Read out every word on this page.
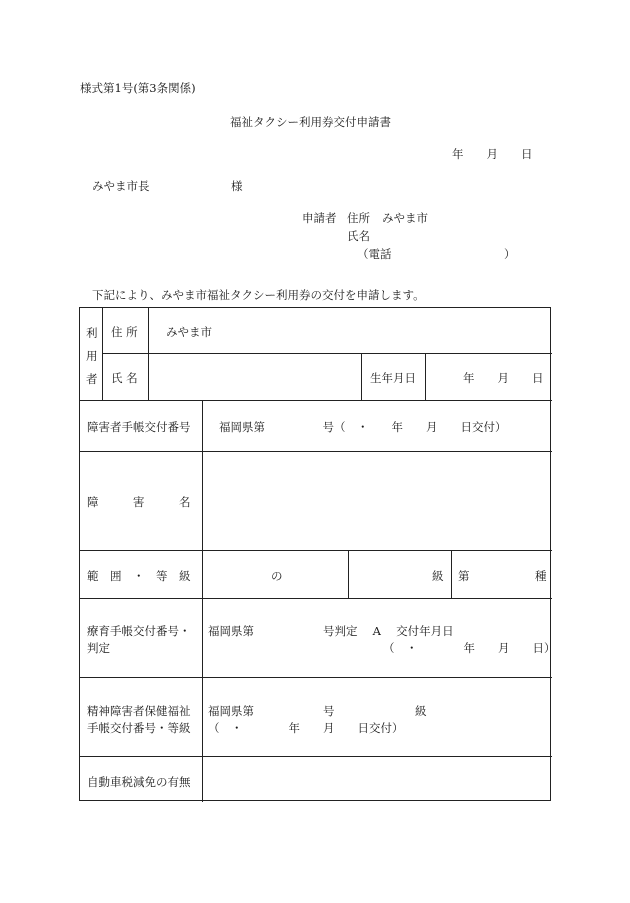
様式第1号(第3条関係)
福祉タクシー利用券交付申請書
年　　月　　日
みやま市長	様
申請者 住所 みやま市
氏名
（電話	）
下記により、みやま市福祉タクシー利用券の交付を申請します。
利
用
者
住 所 みやま市
氏 名	生年月日	年　　月　　日
障害者手帳交付番号 福岡県第　　　　　号（　・　　年　　月　　日交付）
障　　　害　　　名
範　囲　・　等　級	の	級 第	種
療育手帳交付番号・
判定
福岡県第　　　　　　号判定　 A　 交付年月日
（　・　　　　年　　月　　日）
精神障害者保健福祉
手帳交付番号・等級
福岡県第　　　　　　号　　　　　　　級
（　・　　　　年　　月　　日交付）
自動車税減免の有無
